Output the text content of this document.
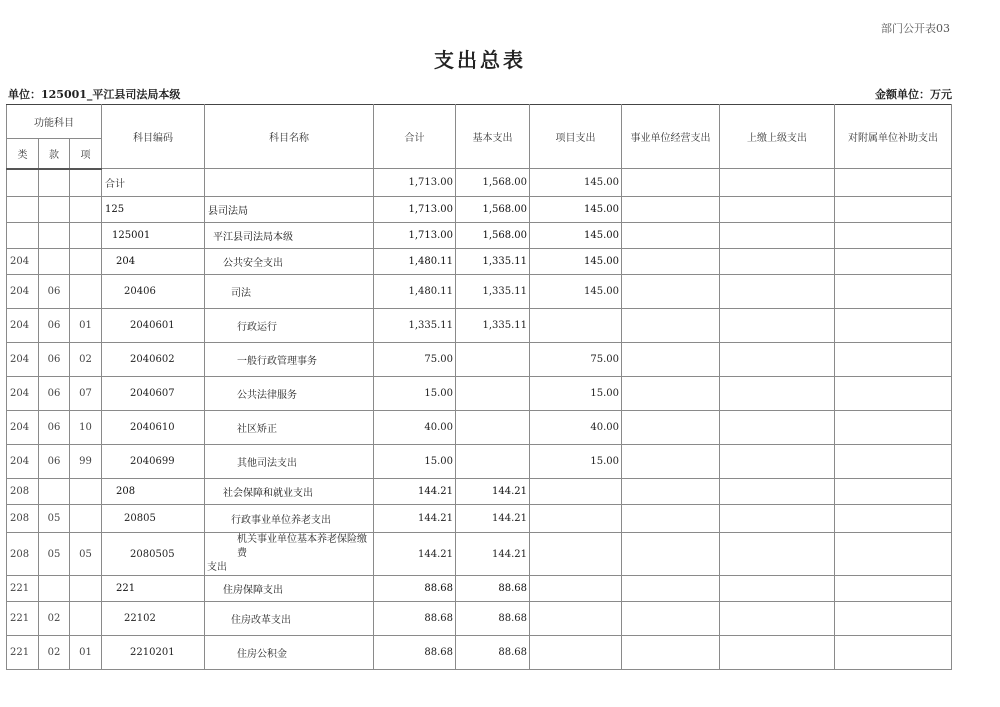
部门公开表03
支出总表
单位：125001_平江县司法局本级	金额单位：万元
功能科目			科目编码	科目名称	合计	基本支出	项目支出	事业单位经营支出	上缴上级支出	对附属单位补助支出
类	款	项								
			合计		1,713.00	1,568.00	145.00			
			125	县司法局	1,713.00	1,568.00	145.00			
			125001	平江县司法局本级	1,713.00	1,568.00	145.00			
204			204	公共安全支出	1,480.11	1,335.11	145.00			
204	06		20406	司法	1,480.11	1,335.11	145.00			
204	06	01	2040601	行政运行	1,335.11	1,335.11				
204	06	02	2040602	一般行政管理事务	75.00		75.00			
204	06	07	2040607	公共法律服务	15.00		15.00			
204	06	10	2040610	社区矫正	40.00		40.00			
204	06	99	2040699	其他司法支出	15.00		15.00			
208			208	社会保障和就业支出	144.21	144.21				
208	05		20805	行政事业单位养老支出	144.21	144.21				
208	05	05	2080505	机关事业单位基本养老保险缴费
支出	144.21	144.21				
221			221	住房保障支出	88.68	88.68				
221	02		22102	住房改革支出	88.68	88.68				
221	02	01	2210201	住房公积金	88.68	88.68				
